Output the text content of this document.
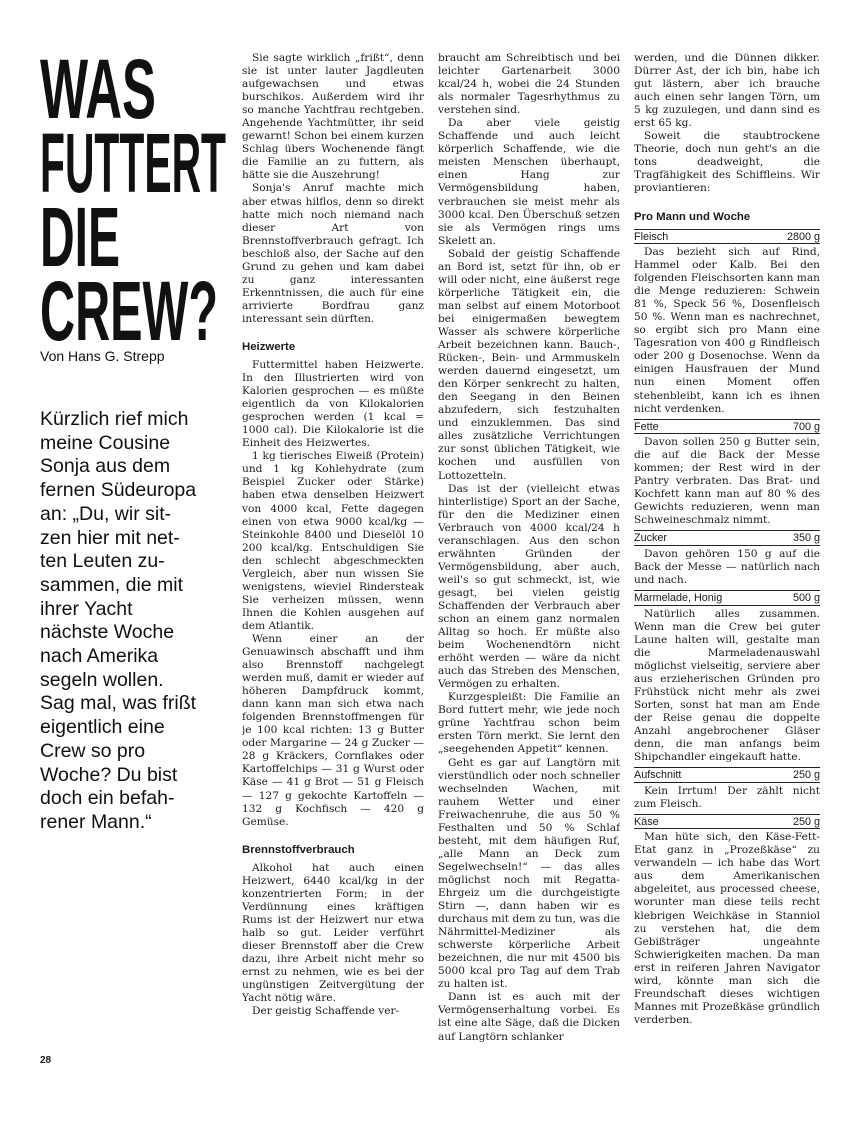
WAS
FUTTERT
DIE
CREW?
Von Hans G. Strepp
Kürzlich rief mich
meine Cousine
Sonja aus dem
fernen Südeuropa
an: „Du, wir sit-
zen hier mit net-
ten Leuten zu-
sammen, die mit
ihrer Yacht
nächste Woche
nach Amerika
segeln wollen.
Sag mal, was frißt
eigentlich eine
Crew so pro
Woche? Du bist
doch ein befah-
rener Mann.“
28

Sie sagte wirklich „frißt“, denn sie ist unter lauter Jagdleuten aufgewachsen und etwas burschikos. Außerdem wird ihr so manche Yachtfrau rechtgeben. Angehende Yachtmütter, ihr seid gewarnt! Schon bei einem kurzen Schlag übers Wochenende fängt die Familie an zu futtern, als hätte sie die Auszehrung!

Sonja's Anruf machte mich aber etwas hilflos, denn so direkt hatte mich noch niemand nach dieser Art von Brennstoffverbrauch gefragt. Ich beschloß also, der Sache auf den Grund zu gehen und kam dabei zu ganz interessanten Erkenntnissen, die auch für eine arrivierte Bordfrau ganz interessant sein dürften.

Heizwerte

Futtermittel haben Heizwerte. In den Illustrierten wird von Kalorien gesprochen — es müßte eigentlich da von Kilokalorien gesprochen werden (1 kcal = 1000 cal). Die Kilokalorie ist die Einheit des Heizwertes.

1 kg tierisches Eiweiß (Protein) und 1 kg Kohlehydrate (zum Beispiel Zucker oder Stärke) haben etwa denselben Heizwert von 4000 kcal, Fette dagegen einen von etwa 9000 kcal/kg — Steinkohle 8400 und Dieselöl 10 200 kcal/kg. Entschuldigen Sie den schlecht abgeschmeckten Vergleich, aber nun wissen Sie wenigstens, wieviel Rindersteak Sie verheizen müssen, wenn Ihnen die Kohlen ausgehen auf dem Atlantik.

Wenn einer an der Genuawinsch abschafft und ihm also Brennstoff nachgelegt werden muß, damit er wieder auf höheren Dampfdruck kommt, dann kann man sich etwa nach folgenden Brennstoffmengen für je 100 kcal richten: 13 g Butter oder Margarine — 24 g Zucker — 28 g Kräckers, Cornflakes oder Kartoffelchips — 31 g Wurst oder Käse — 41 g Brot — 51 g Fleisch — 127 g gekochte Kartoffeln — 132 g Kochfisch — 420 g Gemüse.

Brennstoffverbrauch

Alkohol hat auch einen Heizwert, 6440 kcal/kg in der konzentrierten Form; in der Verdünnung eines kräftigen Rums ist der Heizwert nur etwa halb so gut. Leider verführt dieser Brennstoff aber die Crew dazu, ihre Arbeit nicht mehr so ernst zu nehmen, wie es bei der ungünstigen Zeitvergütung der Yacht nötig wäre.

Der geistig Schaffende ver-

braucht am Schreibtisch und bei leichter Gartenarbeit 3000 kcal/24 h, wobei die 24 Stunden als normaler Tagesrhythmus zu verstehen sind.

Da aber viele geistig Schaffende und auch leicht körperlich Schaffende, wie die meisten Menschen überhaupt, einen Hang zur Vermögensbildung haben, verbrauchen sie meist mehr als 3000 kcal. Den Überschuß setzen sie als Vermögen rings ums Skelett an.

Sobald der geistig Schaffende an Bord ist, setzt für ihn, ob er will oder nicht, eine äußerst rege körperliche Tätigkeit ein, die man selbst auf einem Motorboot bei einigermaßen bewegtem Wasser als schwere körperliche Arbeit bezeichnen kann. Bauch-, Rücken-, Bein- und Armmuskeln werden dauernd eingesetzt, um den Körper senkrecht zu halten, den Seegang in den Beinen abzufedern, sich festzuhalten und einzuklemmen. Das sind alles zusätzliche Verrichtungen zur sonst üblichen Tätigkeit, wie kochen und ausfüllen von Lottozetteln.

Das ist der (vielleicht etwas hinterlistige) Sport an der Sache, für den die Mediziner einen Verbrauch von 4000 kcal/24 h veranschlagen. Aus den schon erwähnten Gründen der Vermögensbildung, aber auch, weil's so gut schmeckt, ist, wie gesagt, bei vielen geistig Schaffenden der Verbrauch aber schon an einem ganz normalen Alltag so hoch. Er müßte also beim Wochenendtörn nicht erhöht werden — wäre da nicht auch das Streben des Menschen, Vermögen zu erhalten.

Kurzgespleißt: Die Familie an Bord futtert mehr, wie jede noch grüne Yachtfrau schon beim ersten Törn merkt. Sie lernt den „seegehenden Appetit“ kennen.

Geht es gar auf Langtörn mit vierstündlich oder noch schneller wechselnden Wachen, mit rauhem Wetter und einer Freiwachenruhe, die aus 50 % Festhalten und 50 % Schlaf besteht, mit dem häufigen Ruf, „alle Mann an Deck zum Segelwechseln!“ — das alles möglichst noch mit Regatta-Ehrgeiz um die durchgeistigte Stirn —, dann haben wir es durchaus mit dem zu tun, was die Nährmittel-Mediziner als schwerste körperliche Arbeit bezeichnen, die nur mit 4500 bis 5000 kcal pro Tag auf dem Trab zu halten ist.

Dann ist es auch mit der Vermögenserhaltung vorbei. Es ist eine alte Säge, daß die Dicken auf Langtörn schlanker

werden, und die Dünnen dikker. Dürrer Ast, der ich bin, habe ich gut lästern, aber ich brauche auch einen sehr langen Törn, um 5 kg zuzulegen, und dann sind es erst 65 kg.

Soweit die staubtrockene Theorie, doch nun geht's an die tons deadweight, die Tragfähigkeit des Schiffleins. Wir proviantieren:

Pro Mann und Woche

Fleisch	2800 g

Das bezieht sich auf Rind, Hammel oder Kalb. Bei den folgenden Fleischsorten kann man die Menge reduzieren: Schwein 81 %, Speck 56 %, Dosenfleisch 50 %. Wenn man es nachrechnet, so ergibt sich pro Mann eine Tagesration von 400 g Rindfleisch oder 200 g Dosenochse. Wenn da einigen Hausfrauen der Mund nun einen Moment offen stehenbleibt, kann ich es ihnen nicht verdenken.

Fette	700 g

Davon sollen 250 g Butter sein, die auf die Back der Messe kommen; der Rest wird in der Pantry verbraten. Das Brat- und Kochfett kann man auf 80 % des Gewichts reduzieren, wenn man Schweineschmalz nimmt.

Zucker	350 g

Davon gehören 150 g auf die Back der Messe — natürlich nach und nach.

Marmelade, Honig	500 g

Natürlich alles zusammen. Wenn man die Crew bei guter Laune halten will, gestalte man die Marmeladenauswahl möglichst vielseitig, serviere aber aus erzieherischen Gründen pro Frühstück nicht mehr als zwei Sorten, sonst hat man am Ende der Reise genau die doppelte Anzahl angebrochener Gläser denn, die man anfangs beim Shipchandler eingekauft hatte.

Aufschnitt	250 g

Kein Irrtum! Der zählt nicht zum Fleisch.

Käse	250 g

Man hüte sich, den Käse-Fett-Etat ganz in „Prozeßkäse“ zu verwandeln — ich habe das Wort aus dem Amerikanischen abgeleitet, aus processed cheese, worunter man diese teils recht klebrigen Weichkäse in Stanniol zu verstehen hat, die dem Gebißträger ungeahnte Schwierigkeiten machen. Da man erst in reiferen Jahren Navigator wird, könnte man sich die Freundschaft dieses wichtigen Mannes mit Prozeßkäse gründlich verderben.
